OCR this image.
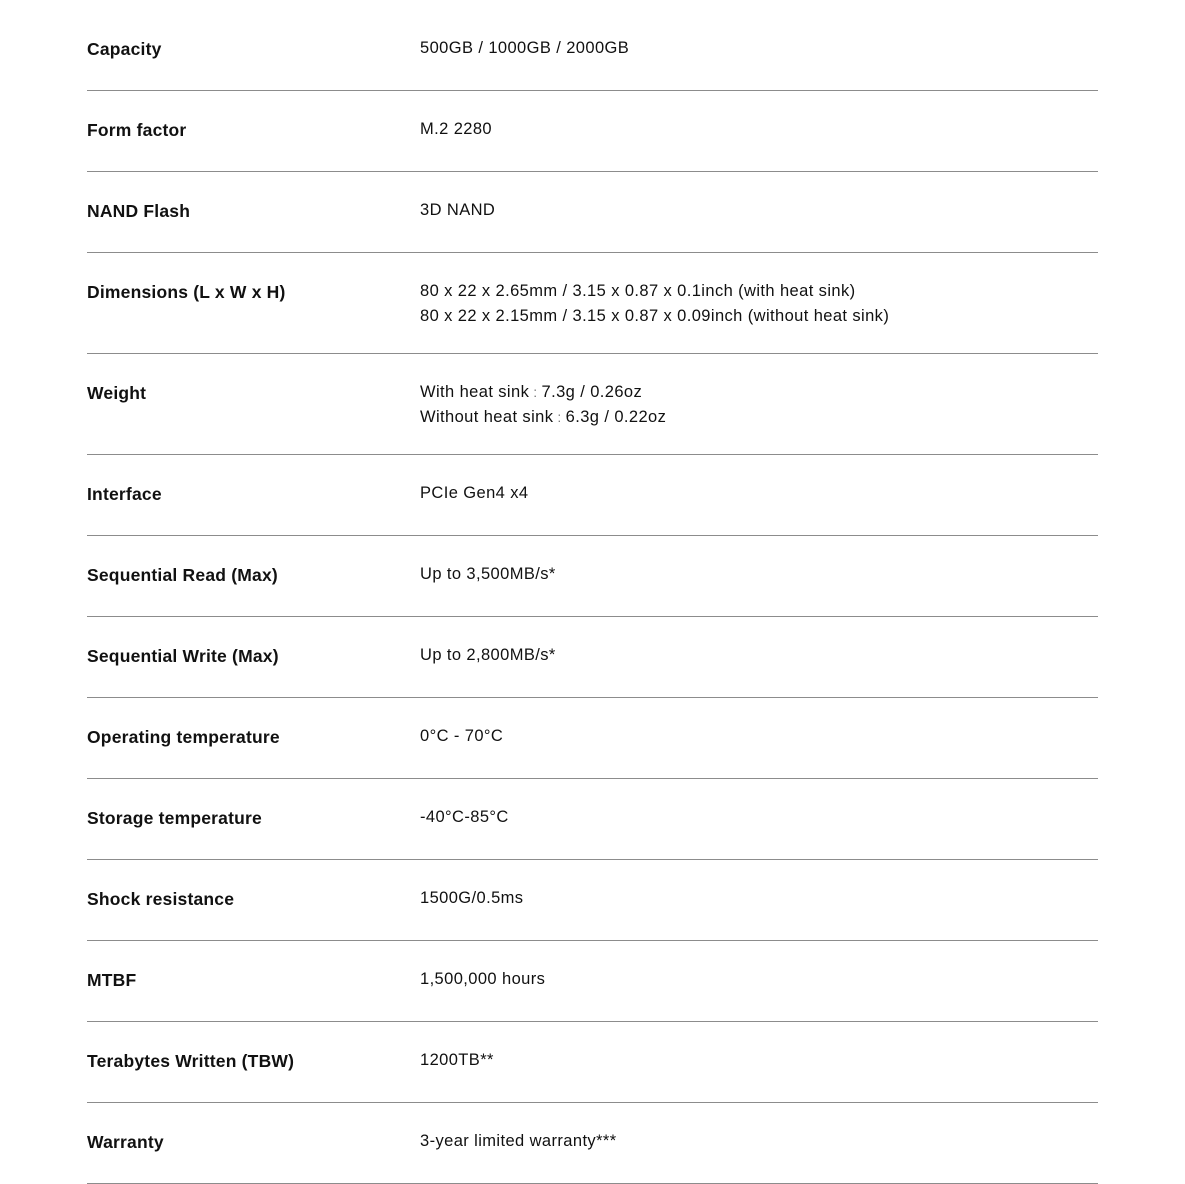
Capacity	500GB / 1000GB / 2000GB
Form factor	M.2 2280
NAND Flash	3D NAND
Dimensions (L x W x H)	80 x 22 x 2.65mm / 3.15 x 0.87 x 0.1inch (with heat sink)
80 x 22 x 2.15mm / 3.15 x 0.87 x 0.09inch (without heat sink)
Weight	With heat sink : 7.3g / 0.26oz
Without heat sink : 6.3g / 0.22oz
Interface	PCIe Gen4 x4
Sequential Read (Max)	Up to 3,500MB/s*
Sequential Write (Max)	Up to 2,800MB/s*
Operating temperature	0°C - 70°C
Storage temperature	-40°C-85°C
Shock resistance	1500G/0.5ms
MTBF	1,500,000 hours
Terabytes Written (TBW)	1200TB**
Warranty	3-year limited warranty***
